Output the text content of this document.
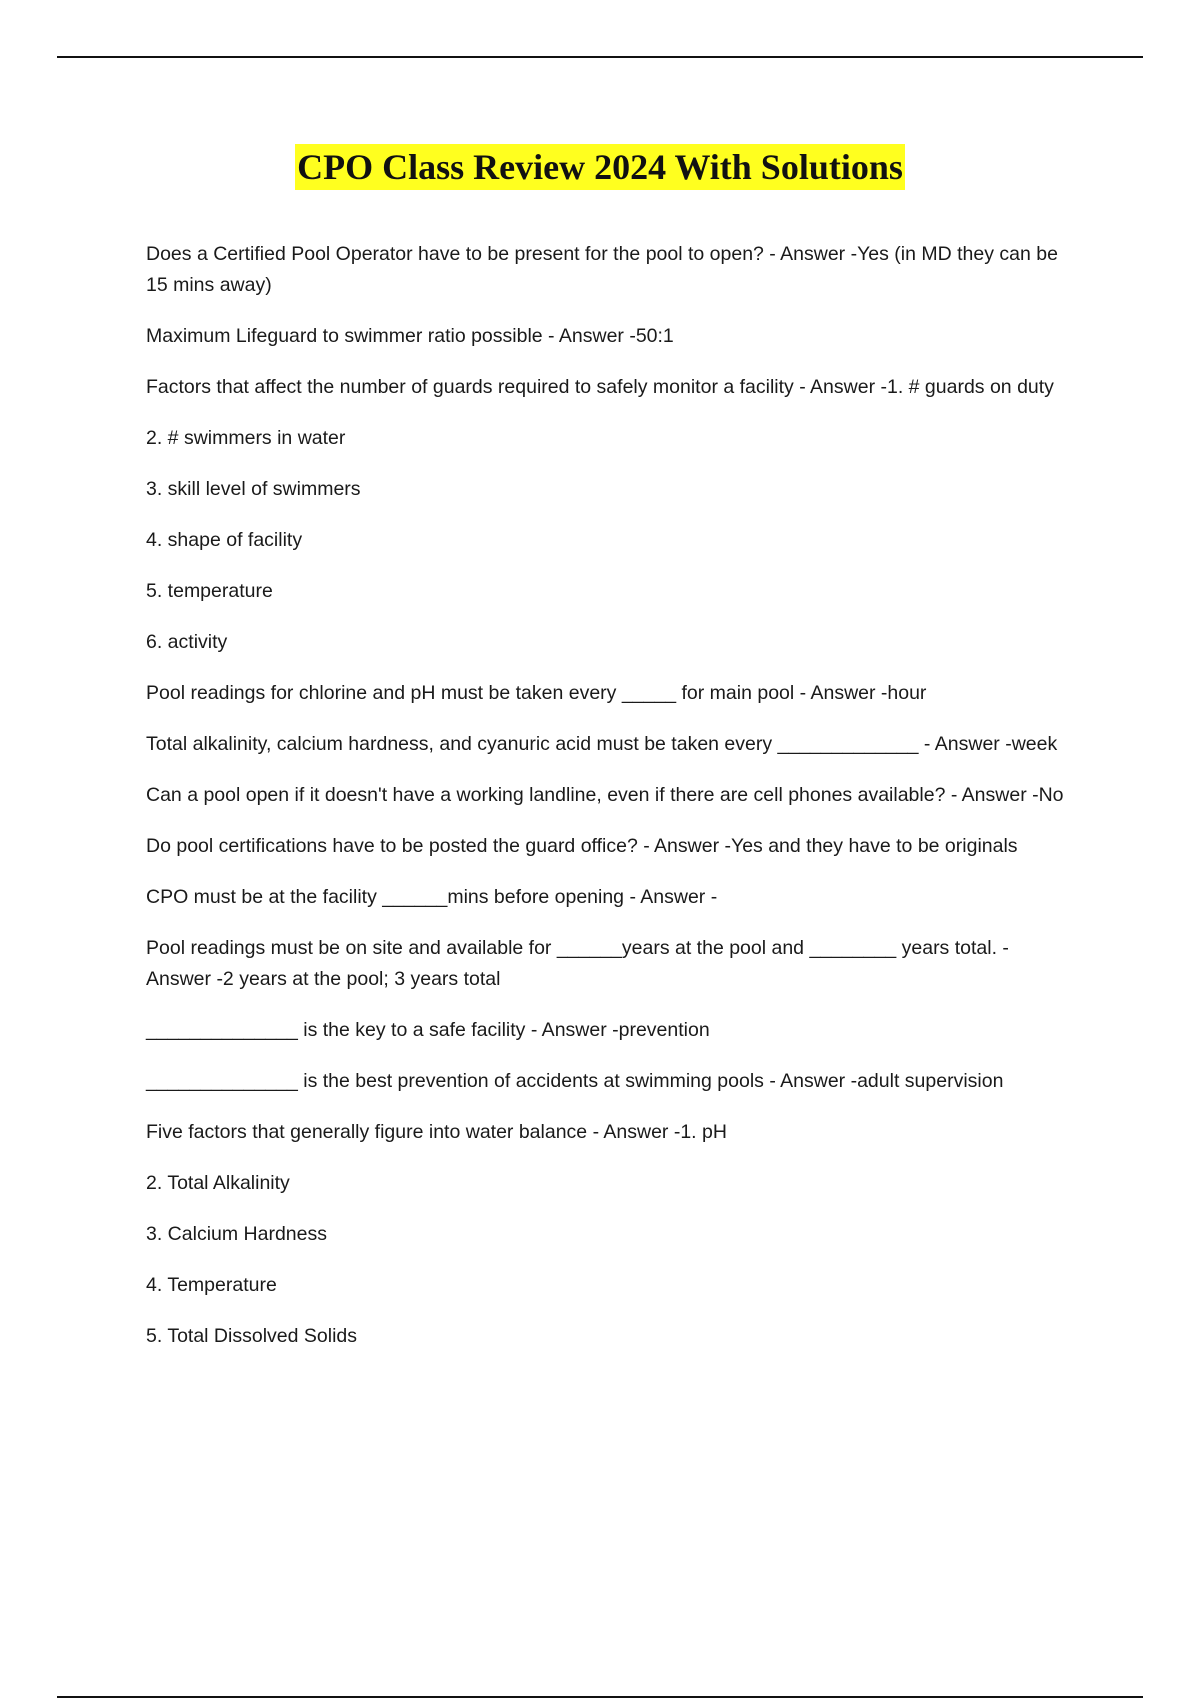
CPO Class Review 2024 With Solutions

Does a Certified Pool Operator have to be present for the pool to open? - Answer -Yes (in MD they can be 15 mins away)

Maximum Lifeguard to swimmer ratio possible - Answer -50:1

Factors that affect the number of guards required to safely monitor a facility - Answer -1. # guards on duty

2. # swimmers in water

3. skill level of swimmers

4. shape of facility

5. temperature

6. activity

Pool readings for chlorine and pH must be taken every _____ for main pool - Answer -hour

Total alkalinity, calcium hardness, and cyanuric acid must be taken every _____________ - Answer -week

Can a pool open if it doesn't have a working landline, even if there are cell phones available? - Answer -No

Do pool certifications have to be posted the guard office? - Answer -Yes and they have to be originals

CPO must be at the facility ______mins before opening - Answer -

Pool readings must be on site and available for ______years at the pool and ________ years total. - Answer -2 years at the pool; 3 years total

______________ is the key to a safe facility - Answer -prevention

______________ is the best prevention of accidents at swimming pools - Answer -adult supervision

Five factors that generally figure into water balance - Answer -1. pH

2. Total Alkalinity

3. Calcium Hardness

4. Temperature

5. Total Dissolved Solids
